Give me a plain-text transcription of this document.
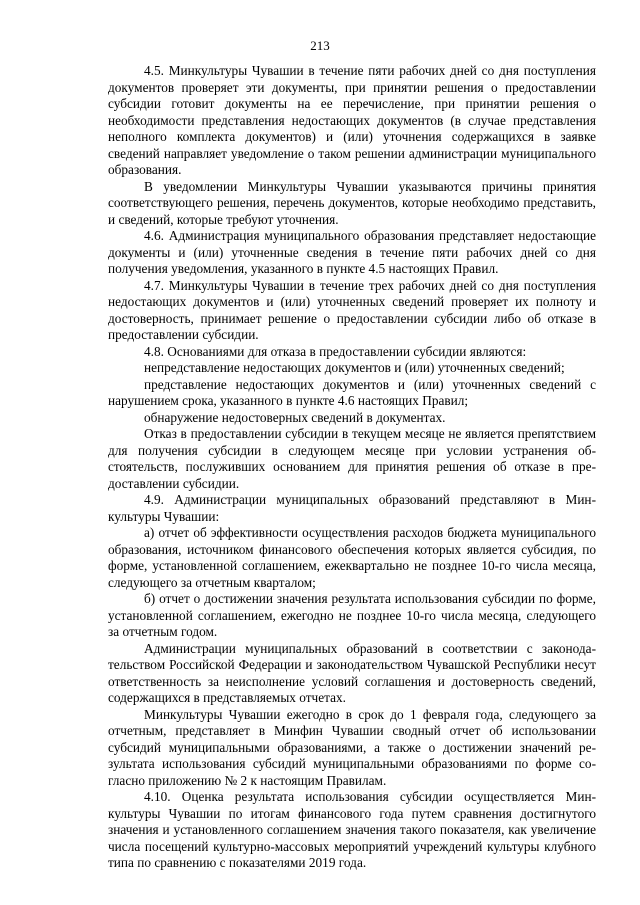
213

4.5. Минкультуры Чувашии в течение пяти рабочих дней со дня поступления документов проверяет эти документы, при принятии решения о предоставлении субсидии готовит документы на ее перечисление, при принятии решения о необходимости представления недостающих документов (в случае представления неполного комплекта документов) и (или) уточнения содержащихся в заявке сведений направляет уведомление о таком решении администрации муниципального образования.

В уведомлении Минкультуры Чувашии указываются причины принятия соответствующего решения, перечень документов, которые необходимо представить, и сведений, которые требуют уточнения.

4.6. Администрация муниципального образования представляет недостающие документы и (или) уточненные сведения в течение пяти рабочих дней со дня получения уведомления, указанного в пункте 4.5 настоящих Правил.

4.7. Минкультуры Чувашии в течение трех рабочих дней со дня поступления недостающих документов и (или) уточненных сведений проверяет их полноту и достоверность, принимает решение о предоставлении субсидии либо об отказе в предоставлении субсидии.

4.8. Основаниями для отказа в предоставлении субсидии являются:

непредставление недостающих документов и (или) уточненных сведений;

представление недостающих документов и (или) уточненных сведений с нарушением срока, указанного в пункте 4.6 настоящих Правил;

обнаружение недостоверных сведений в документах.

Отказ в предоставлении субсидии в текущем месяце не является препятствием для получения субсидии в следующем месяце при условии устранения обстоятельств, послуживших основанием для принятия решения об отказе в предоставлении субсидии.

4.9. Администрации муниципальных образований представляют в Минкультуры Чувашии:

а) отчет об эффективности осуществления расходов бюджета муниципального образования, источником финансового обеспечения которых является субсидия, по форме, установленной соглашением, ежеквартально не позднее 10-го числа месяца, следующего за отчетным кварталом;

б) отчет о достижении значения результата использования субсидии по форме, установленной соглашением, ежегодно не позднее 10-го числа месяца, следующего за отчетным годом.

Администрации муниципальных образований в соответствии с законодательством Российской Федерации и законодательством Чувашской Республики несут ответственность за неисполнение условий соглашения и достоверность сведений, содержащихся в представляемых отчетах.

Минкультуры Чувашии ежегодно в срок до 1 февраля года, следующего за отчетным, представляет в Минфин Чувашии сводный отчет об использовании субсидий муниципальными образованиями, а также о достижении значений результата использования субсидий муниципальными образованиями по форме согласно приложению № 2 к настоящим Правилам.

4.10. Оценка результата использования субсидии осуществляется Минкультуры Чувашии по итогам финансового года путем сравнения достигнутого значения и установленного соглашением значения такого показателя, как увеличение числа посещений культурно-массовых мероприятий учреждений культуры клубного типа по сравнению с показателями 2019 года.
